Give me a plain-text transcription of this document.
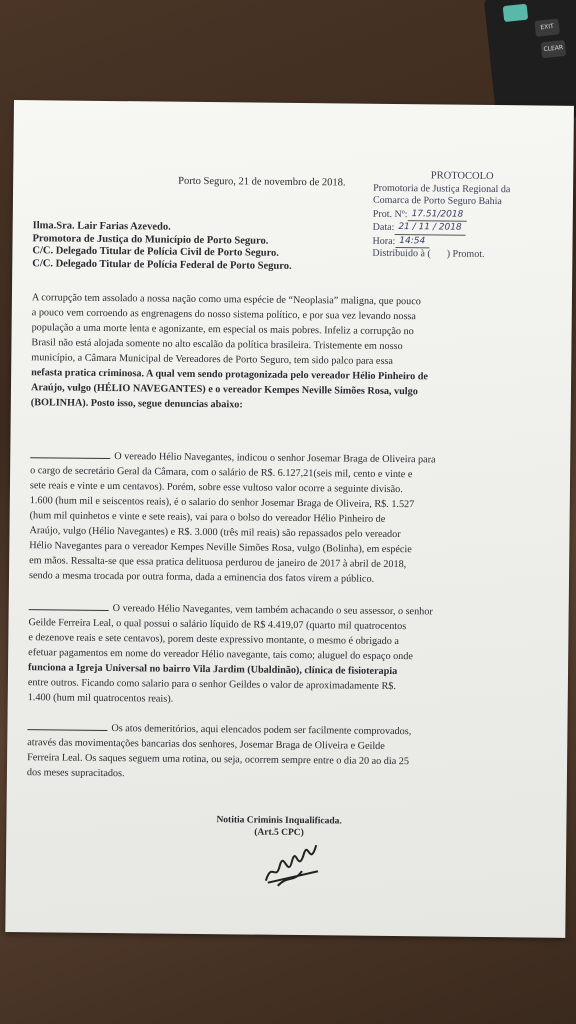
EXIT
CLEAR
Porto Seguro, 21 de novembro de 2018.	PROTOCOLO
Promotoria de Justiça Regional da
Comarca de Porto Seguro Bahia
Prot. Nº: 17.51/2018
Data: 21 / 11 / 2018
Hora: 14:54
Distribuido à ( ) Promot.
Ilma.Sra. Lair Farias Azevedo.
Promotora de Justiça do Município de Porto Seguro.
C/C. Delegado Titular de Polícia Civil de Porto Seguro.
C/C. Delegado Titular de Polícia Federal de Porto Seguro.
A corrupção tem assolado a nossa nação como uma espécie de “Neoplasia” maligna, que pouco
a pouco vem corroendo as engrenagens do nosso sistema político, e por sua vez levando nossa
população a uma morte lenta e agonizante, em especial os mais pobres. Infeliz a corrupção no
Brasil não está alojada somente no alto escalão da política brasileira. Tristemente em nosso
município, a Câmara Municipal de Vereadores de Porto Seguro, tem sido palco para essa
nefasta pratica criminosa. A qual vem sendo protagonizada pelo vereador Hélio Pinheiro de
Araújo, vulgo (HÉLIO NAVEGANTES) e o vereador Kempes Neville Simões Rosa, vulgo
(BOLINHA). Posto isso, segue denuncias abaixo:
O vereado Hélio Navegantes, indicou o senhor Josemar Braga de Oliveira para
o cargo de secretário Geral da Câmara, com o salário de R$. 6.127,21(seis mil, cento e vinte e
sete reais e vinte e um centavos). Porém, sobre esse vultoso valor ocorre a seguinte divisão.
1.600 (hum mil e seiscentos reais), é o salario do senhor Josemar Braga de Oliveira, R$. 1.527
(hum mil quinhetos e vinte e sete reais), vai para o bolso do vereador Hélio Pinheiro de
Araújo, vulgo (Hélio Navegantes) e R$. 3.000 (três mil reais) são repassados pelo vereador
Hélio Navegantes para o vereador Kempes Neville Simões Rosa, vulgo (Bolinha), em espécie
em mãos. Ressalta-se que essa pratica delituosa perdurou de janeiro de 2017 à abril de 2018,
sendo a mesma trocada por outra forma, dada a eminencia dos fatos virem a público.
O vereado Hélio Navegantes, vem também achacando o seu assessor, o senhor
Geilde Ferreira Leal, o qual possui o salário líquido de R$ 4.419,07 (quarto mil quatrocentos
e dezenove reais e sete centavos), porem deste expressivo montante, o mesmo é obrigado a
efetuar pagamentos em nome do vereador Hélio navegante, tais como; aluguel do espaço onde
funciona a Igreja Universal no bairro Vila Jardim (Ubaldinão), clínica de fisioterapia
entre outros. Ficando como salario para o senhor Geildes o valor de aproximadamente R$.
1.400 (hum mil quatrocentos reais).
Os atos demeritórios, aqui elencados podem ser facilmente comprovados,
através das movimentações bancarias dos senhores, Josemar Braga de Oliveira e Geilde
Ferreira Leal. Os saques seguem uma rotina, ou seja, ocorrem sempre entre o dia 20 ao dia 25
dos meses supracitados.
Notitia Criminis Inqualificada.
(Art.5 CPC)
